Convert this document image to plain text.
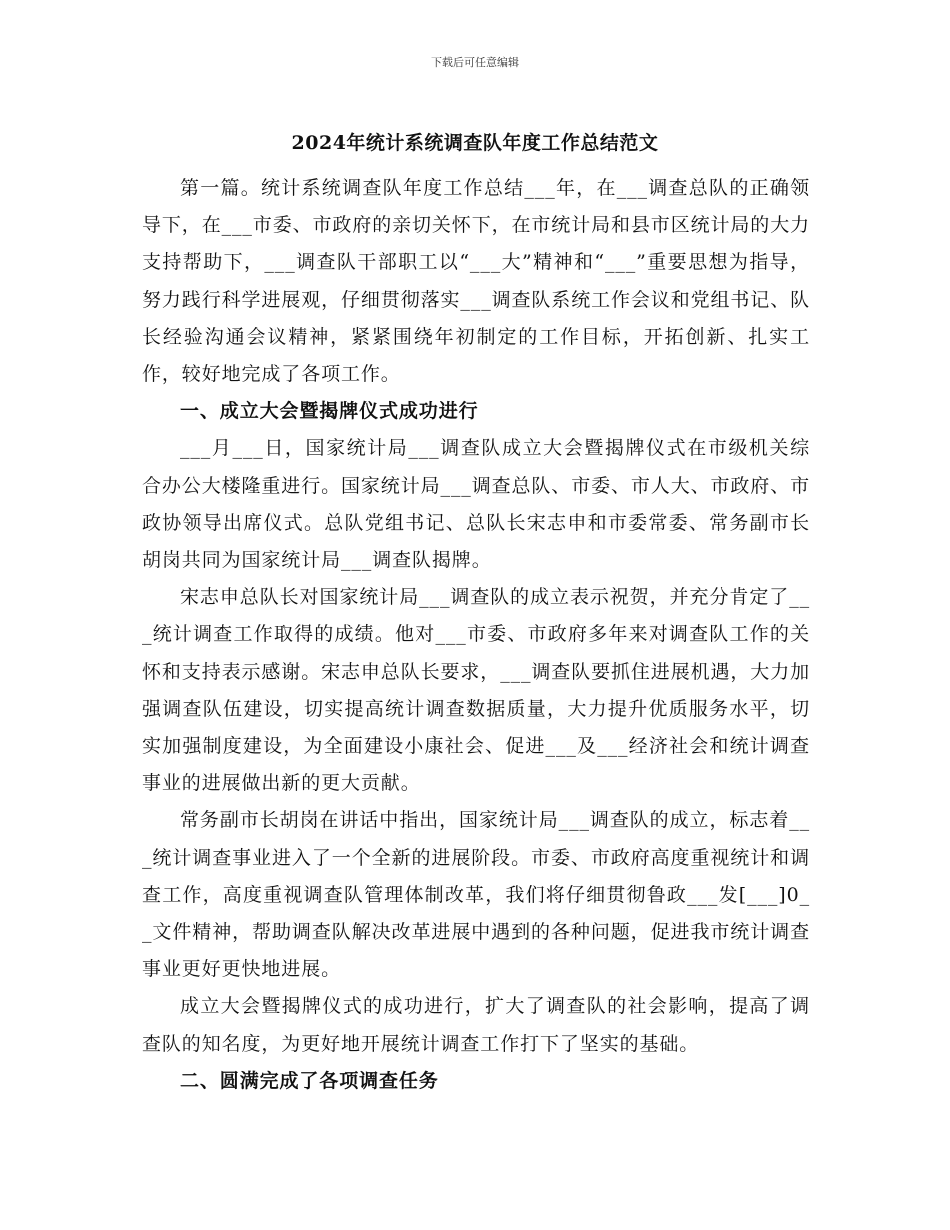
下载后可任意编辑
2024年统计系统调查队年度工作总结范文

第一篇。统计系统调查队年度工作总结___年，在___调查总队的正确领导下，在___市委、市政府的亲切关怀下，在市统计局和县市区统计局的大力支持帮助下，___调查队干部职工以“___大”精神和“___”重要思想为指导，努力践行科学进展观，仔细贯彻落实___调查队系统工作会议和党组书记、队长经验沟通会议精神，紧紧围绕年初制定的工作目标，开拓创新、扎实工作，较好地完成了各项工作。

一、成立大会暨揭牌仪式成功进行

___月___日，国家统计局___调查队成立大会暨揭牌仪式在市级机关综合办公大楼隆重进行。国家统计局___调查总队、市委、市人大、市政府、市政协领导出席仪式。总队党组书记、总队长宋志申和市委常委、常务副市长胡岗共同为国家统计局___调查队揭牌。

宋志申总队长对国家统计局___调查队的成立表示祝贺，并充分肯定了___统计调查工作取得的成绩。他对___市委、市政府多年来对调查队工作的关怀和支持表示感谢。宋志申总队长要求，___调查队要抓住进展机遇，大力加强调查队伍建设，切实提高统计调查数据质量，大力提升优质服务水平，切实加强制度建设，为全面建设小康社会、促进___及___经济社会和统计调查事业的进展做出新的更大贡献。

常务副市长胡岗在讲话中指出，国家统计局___调查队的成立，标志着___统计调查事业进入了一个全新的进展阶段。市委、市政府高度重视统计和调查工作，高度重视调查队管理体制改革，我们将仔细贯彻鲁政___发[___]0__文件精神，帮助调查队解决改革进展中遇到的各种问题，促进我市统计调查事业更好更快地进展。

成立大会暨揭牌仪式的成功进行，扩大了调查队的社会影响，提高了调查队的知名度，为更好地开展统计调查工作打下了坚实的基础。

二、圆满完成了各项调查任务
